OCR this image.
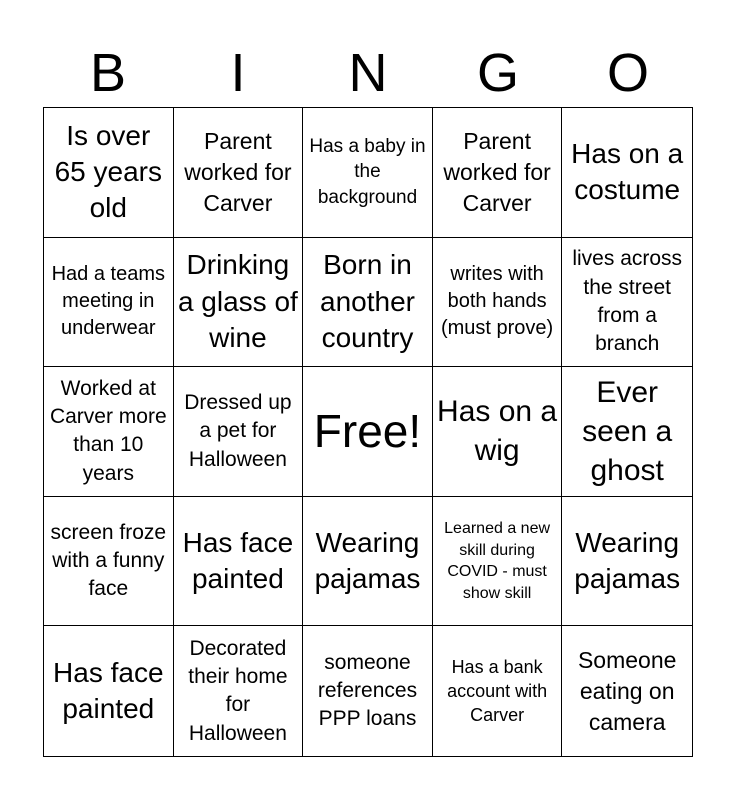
B	I	N	G	O
Is over 65 years old
Parent worked for Carver
Has a baby in the background
Parent worked for Carver
Has on a costume
Had a teams meeting in underwear
Drinking a glass of wine
Born in another country
writes with both hands (must prove)
lives across the street from a branch
Worked at Carver more than 10 years
Dressed up a pet for Halloween
Free! Has on a wig
Ever seen a ghost
screen froze with a funny face
Has face painted
Wearing pajamas
Learned a new skill during COVID - must show skill
Wearing pajamas
Has face painted
Decorated their home for Halloween
someone references PPP loans
Has a bank account with Carver
Someone eating on camera
